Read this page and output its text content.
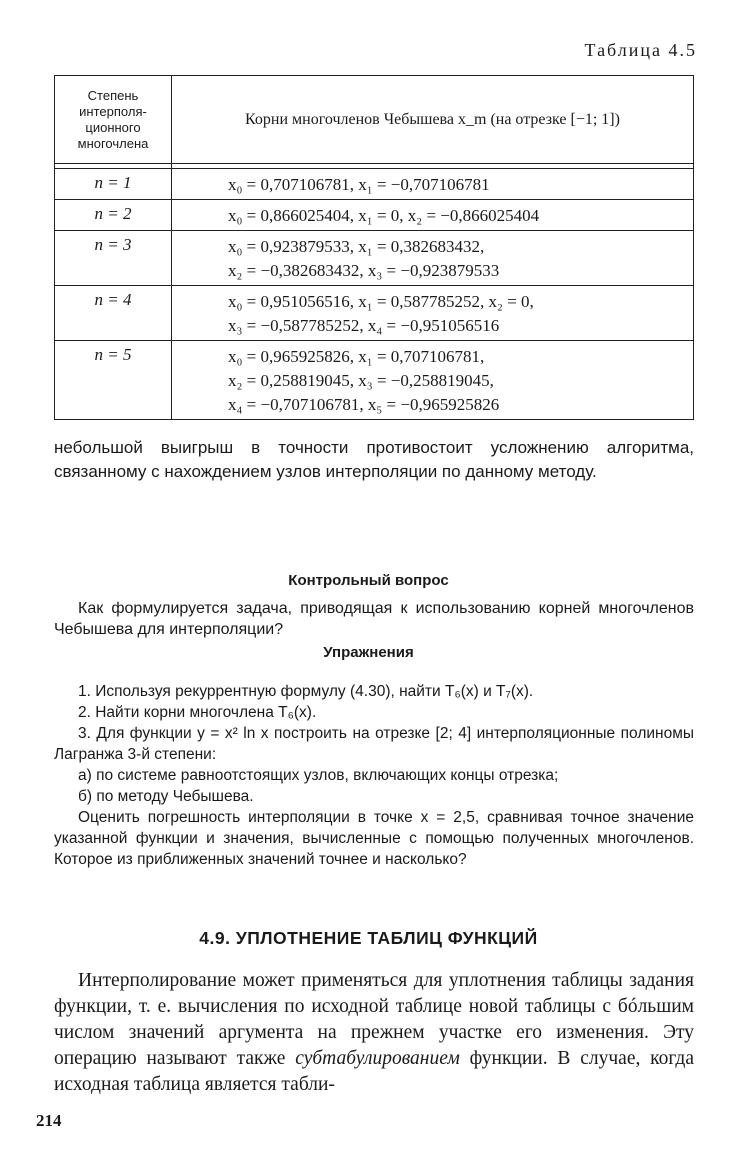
Таблица 4.5
Степень интерполя- ционного многочлена	Корни многочленов Чебышева x_m (на отрезке [−1; 1])

n = 1	x₀ = 0,707106781, x₁ = −0,707106781

n = 2	x₀ = 0,866025404, x₁ = 0, x₂ = −0,866025404

n = 3	x₀ = 0,923879533, x₁ = 0,382683432,
x₂ = −0,382683432, x₃ = −0,923879533

n = 4	x₀ = 0,951056516, x₁ = 0,587785252, x₂ = 0,
x₃ = −0,587785252, x₄ = −0,951056516

n = 5	x₀ = 0,965925826, x₁ = 0,707106781,
x₂ = 0,258819045, x₃ = −0,258819045,
x₄ = −0,707106781, x₅ = −0,965925826
небольшой выигрыш в точности противостоит усложнению алгоритма, связанному с нахождением узлов интерполяции по данному методу.
Контрольный вопрос
Как формулируется задача, приводящая к использованию корней многочленов Чебышева для интерполяции?
Упражнения

1. Используя рекуррентную формулу (4.30), найти T₆(x) и T₇(x).

2. Найти корни многочлена T₆(x).

3. Для функции y = x² ln x построить на отрезке [2; 4] интерполяционные полиномы Лагранжа 3-й степени:

а) по системе равноотстоящих узлов, включающих концы отрезка;

б) по методу Чебышева.

Оценить погрешность интерполяции в точке x = 2,5, сравнивая точное значение указанной функции и значения, вычисленные с помощью полученных многочленов. Которое из приближенных значений точнее и насколько?

4.9. УПЛОТНЕНИЕ ТАБЛИЦ ФУНКЦИЙ
Интерполирование может применяться для уплотнения таблицы задания функции, т. е. вычисления по исходной таблице новой таблицы с бóльшим числом значений аргумента на прежнем участке его изменения. Эту операцию называют также субтабулированием функции. В случае, когда исходная таблица является табли-
214
